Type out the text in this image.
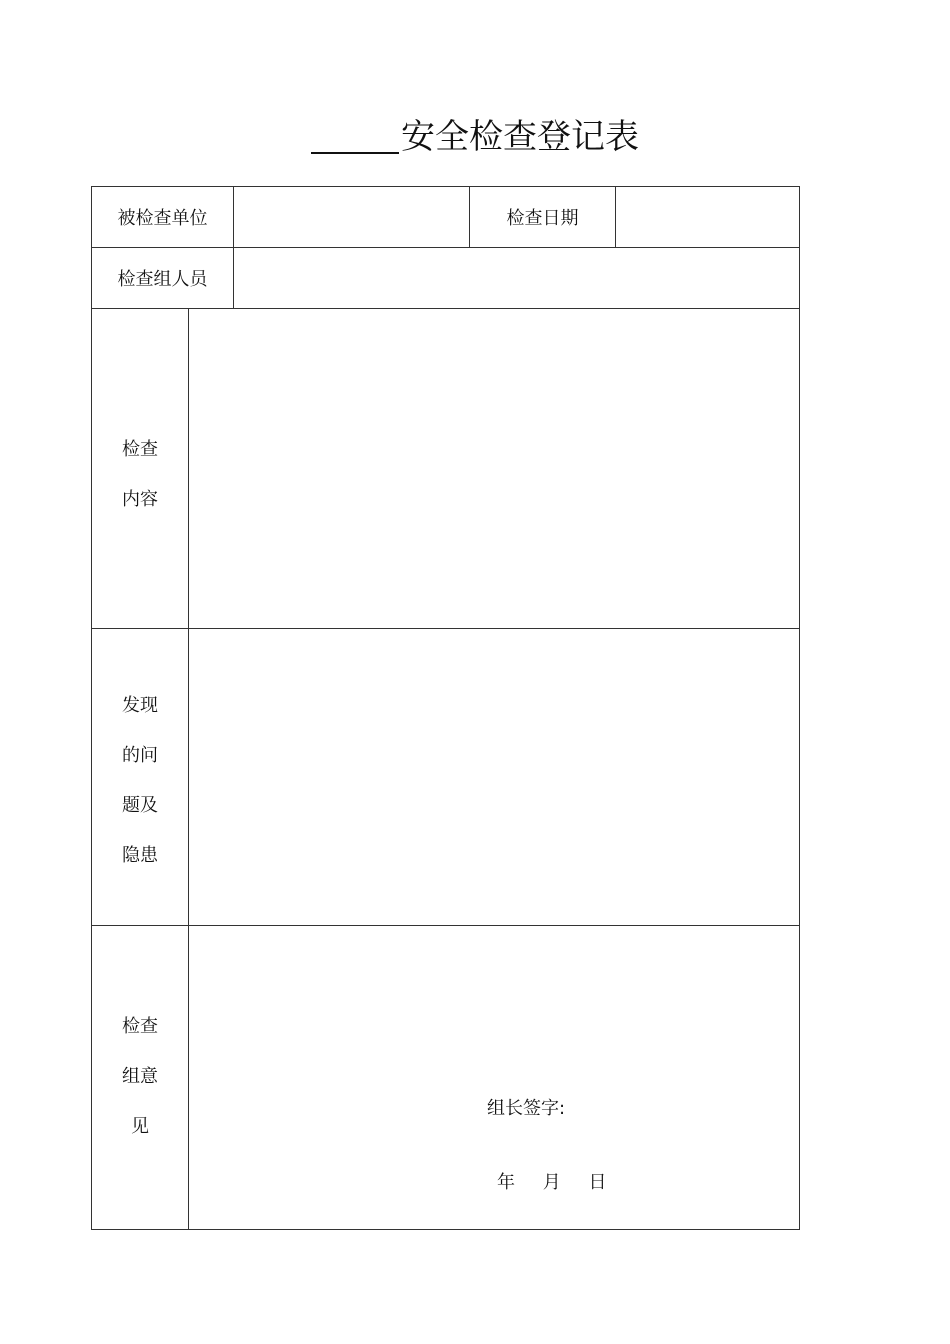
安全检查登记表
被检查单位	检查日期
检查组人员
检查
内容
发现
的问
题及
隐患
检查
组意
见
组长签字:
年 月 日
